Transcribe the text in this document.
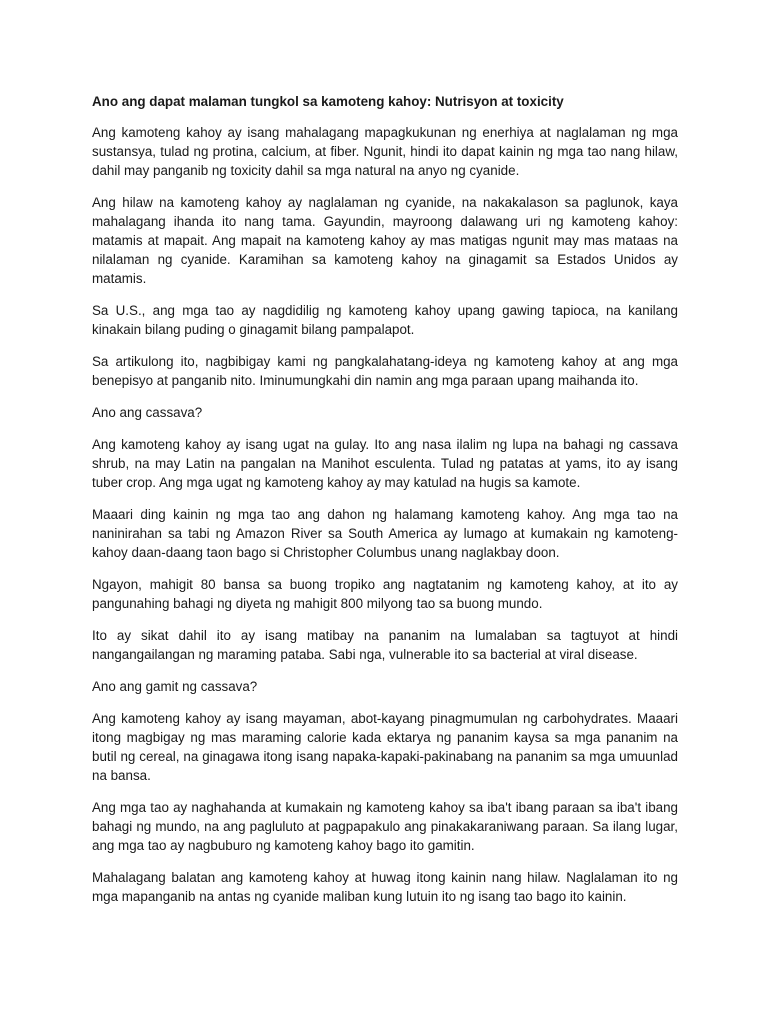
Ano ang dapat malaman tungkol sa kamoteng kahoy: Nutrisyon at toxicity
Ang kamoteng kahoy ay isang mahalagang mapagkukunan ng enerhiya at naglalaman ng mga sustansya, tulad ng protina, calcium, at fiber. Ngunit, hindi ito dapat kainin ng mga tao nang hilaw, dahil may panganib ng toxicity dahil sa mga natural na anyo ng cyanide.
Ang hilaw na kamoteng kahoy ay naglalaman ng cyanide, na nakakalason sa paglunok, kaya mahalagang ihanda ito nang tama. Gayundin, mayroong dalawang uri ng kamoteng kahoy: matamis at mapait. Ang mapait na kamoteng kahoy ay mas matigas ngunit may mas mataas na nilalaman ng cyanide. Karamihan sa kamoteng kahoy na ginagamit sa Estados Unidos ay matamis.
Sa U.S., ang mga tao ay nagdidilig ng kamoteng kahoy upang gawing tapioca, na kanilang kinakain bilang puding o ginagamit bilang pampalapot.
Sa artikulong ito, nagbibigay kami ng pangkalahatang-ideya ng kamoteng kahoy at ang mga benepisyo at panganib nito. Iminumungkahi din namin ang mga paraan upang maihanda ito.
Ano ang cassava?
Ang kamoteng kahoy ay isang ugat na gulay. Ito ang nasa ilalim ng lupa na bahagi ng cassava shrub, na may Latin na pangalan na Manihot esculenta. Tulad ng patatas at yams, ito ay isang tuber crop. Ang mga ugat ng kamoteng kahoy ay may katulad na hugis sa kamote.
Maaari ding kainin ng mga tao ang dahon ng halamang kamoteng kahoy. Ang mga tao na naninirahan sa tabi ng Amazon River sa South America ay lumago at kumakain ng kamoteng-kahoy daan-daang taon bago si Christopher Columbus unang naglakbay doon.
Ngayon, mahigit 80 bansa sa buong tropiko ang nagtatanim ng kamoteng kahoy, at ito ay pangunahing bahagi ng diyeta ng mahigit 800 milyong tao sa buong mundo.
Ito ay sikat dahil ito ay isang matibay na pananim na lumalaban sa tagtuyot at hindi nangangailangan ng maraming pataba. Sabi nga, vulnerable ito sa bacterial at viral disease.
Ano ang gamit ng cassava?
Ang kamoteng kahoy ay isang mayaman, abot-kayang pinagmumulan ng carbohydrates. Maaari itong magbigay ng mas maraming calorie kada ektarya ng pananim kaysa sa mga pananim na butil ng cereal, na ginagawa itong isang napaka-kapaki-pakinabang na pananim sa mga umuunlad na bansa.
Ang mga tao ay naghahanda at kumakain ng kamoteng kahoy sa iba't ibang paraan sa iba't ibang bahagi ng mundo, na ang pagluluto at pagpapakulo ang pinakakaraniwang paraan. Sa ilang lugar, ang mga tao ay nagbuburo ng kamoteng kahoy bago ito gamitin.
Mahalagang balatan ang kamoteng kahoy at huwag itong kainin nang hilaw. Naglalaman ito ng mga mapanganib na antas ng cyanide maliban kung lutuin ito ng isang tao bago ito kainin.
